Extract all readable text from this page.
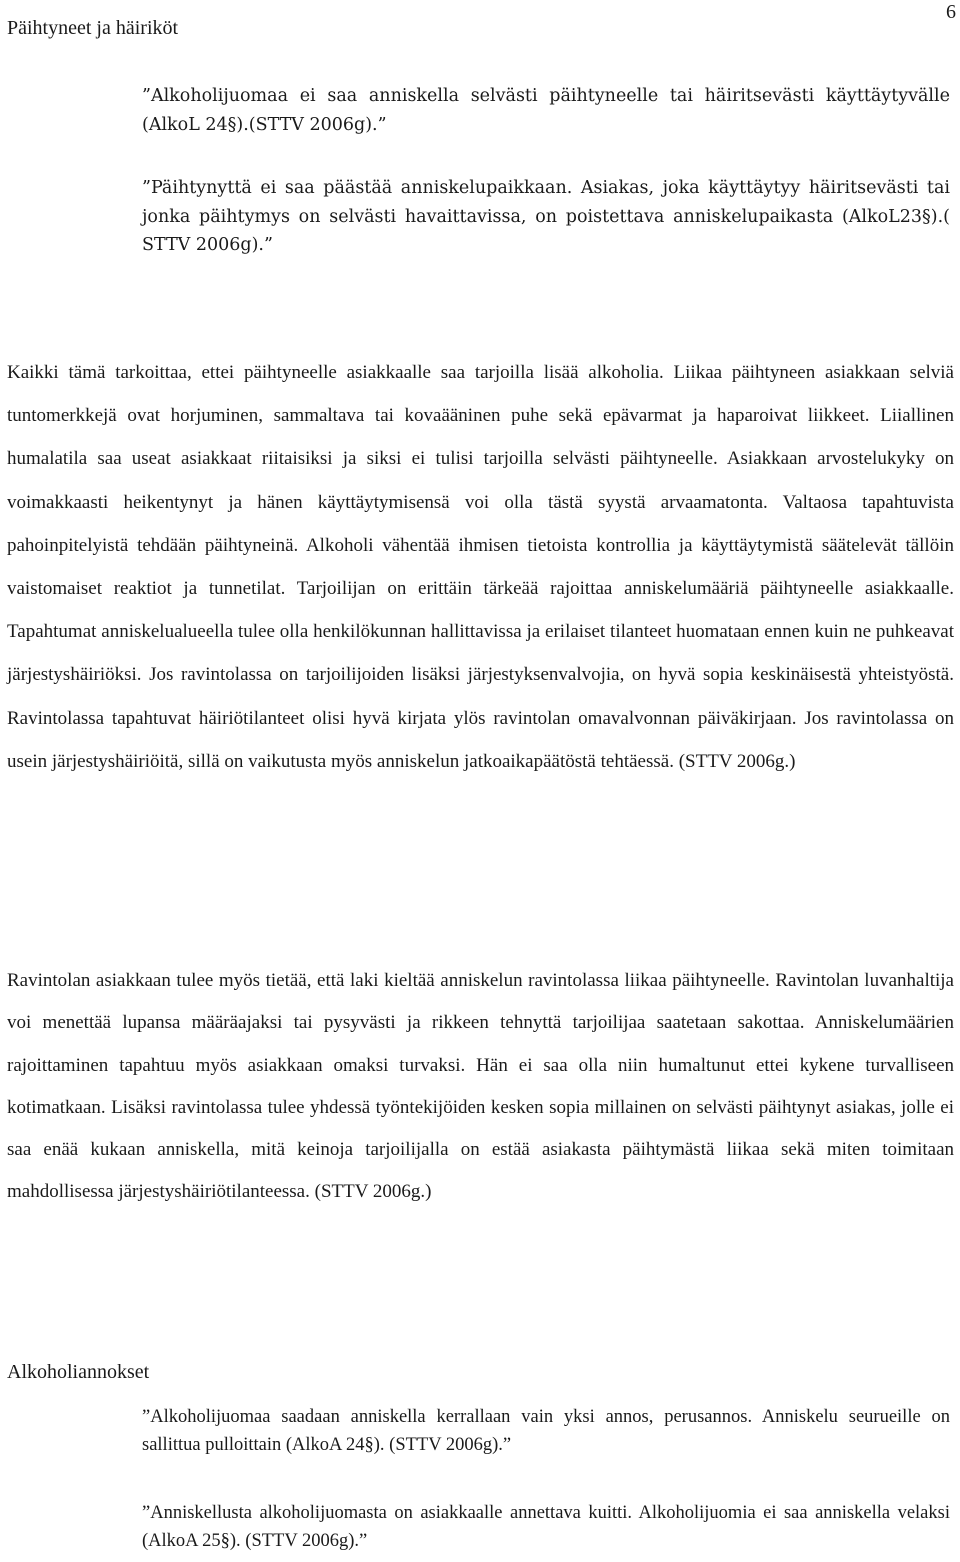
6
Päihtyneet ja häiriköt
”Alkoholijuomaa ei saa anniskella selvästi päihtyneelle tai häiritsevästi käyttäytyvälle (AlkoL 24§).(STTV 2006g).”
”Päihtynyttä ei saa päästää anniskelupaikkaan. Asiakas, joka käyttäytyy häiritsevästi tai jonka päihtymys on selvästi havaittavissa, on poistettava anniskelupaikasta (AlkoL23§).( STTV 2006g).”
Kaikki tämä tarkoittaa, ettei päihtyneelle asiakkaalle saa tarjoilla lisää alkoholia. Liikaa päihtyneen asiakkaan selviä tuntomerkkejä ovat horjuminen, sammaltava tai kovaääninen puhe sekä epävarmat ja haparoivat liikkeet. Liiallinen humalatila saa useat asiakkaat riitaisiksi ja siksi ei tulisi tarjoilla selvästi päihtyneelle. Asiakkaan arvostelukyky on voimakkaasti heikentynyt ja hänen käyttäytymisensä voi olla tästä syystä arvaamatonta. Valtaosa tapahtuvista pahoinpitelyistä tehdään päihtyneinä. Alkoholi vähentää ihmisen tietoista kontrollia ja käyttäytymistä säätelevät tällöin vaistomaiset reaktiot ja tunnetilat. Tarjoilijan on erittäin tärkeää rajoittaa anniskelumääriä päihtyneelle asiakkaalle. Tapahtumat anniskelualueella tulee olla henkilökunnan hallittavissa ja erilaiset tilanteet huomataan ennen kuin ne puhkeavat järjestyshäiriöksi. Jos ravintolassa on tarjoilijoiden lisäksi järjestyksenvalvojia, on hyvä sopia keskinäisestä yhteistyöstä. Ravintolassa tapahtuvat häiriötilanteet olisi hyvä kirjata ylös ravintolan omavalvonnan päiväkirjaan. Jos ravintolassa on usein järjestyshäiriöitä, sillä on vaikutusta myös anniskelun jatkoaikapäätöstä tehtäessä. (STTV 2006g.)
Ravintolan asiakkaan tulee myös tietää, että laki kieltää anniskelun ravintolassa liikaa päihtyneelle. Ravintolan luvanhaltija voi menettää lupansa määräajaksi tai pysyvästi ja rikkeen tehnyttä tarjoilijaa saatetaan sakottaa. Anniskelumäärien rajoittaminen tapahtuu myös asiakkaan omaksi turvaksi. Hän ei saa olla niin humaltunut ettei kykene turvalliseen kotimatkaan. Lisäksi ravintolassa tulee yhdessä työntekijöiden kesken sopia millainen on selvästi päihtynyt asiakas, jolle ei saa enää kukaan anniskella, mitä keinoja tarjoilijalla on estää asiakasta päihtymästä liikaa sekä miten toimitaan mahdollisessa järjestyshäiriötilanteessa. (STTV 2006g.)
Alkoholiannokset
”Alkoholijuomaa saadaan anniskella kerrallaan vain yksi annos, perusannos. Anniskelu seurueille on sallittua pulloittain (AlkoA 24§). (STTV 2006g).”
”Anniskellusta alkoholijuomasta on asiakkaalle annettava kuitti. Alkoholijuomia ei saa anniskella velaksi (AlkoA 25§). (STTV 2006g).”
